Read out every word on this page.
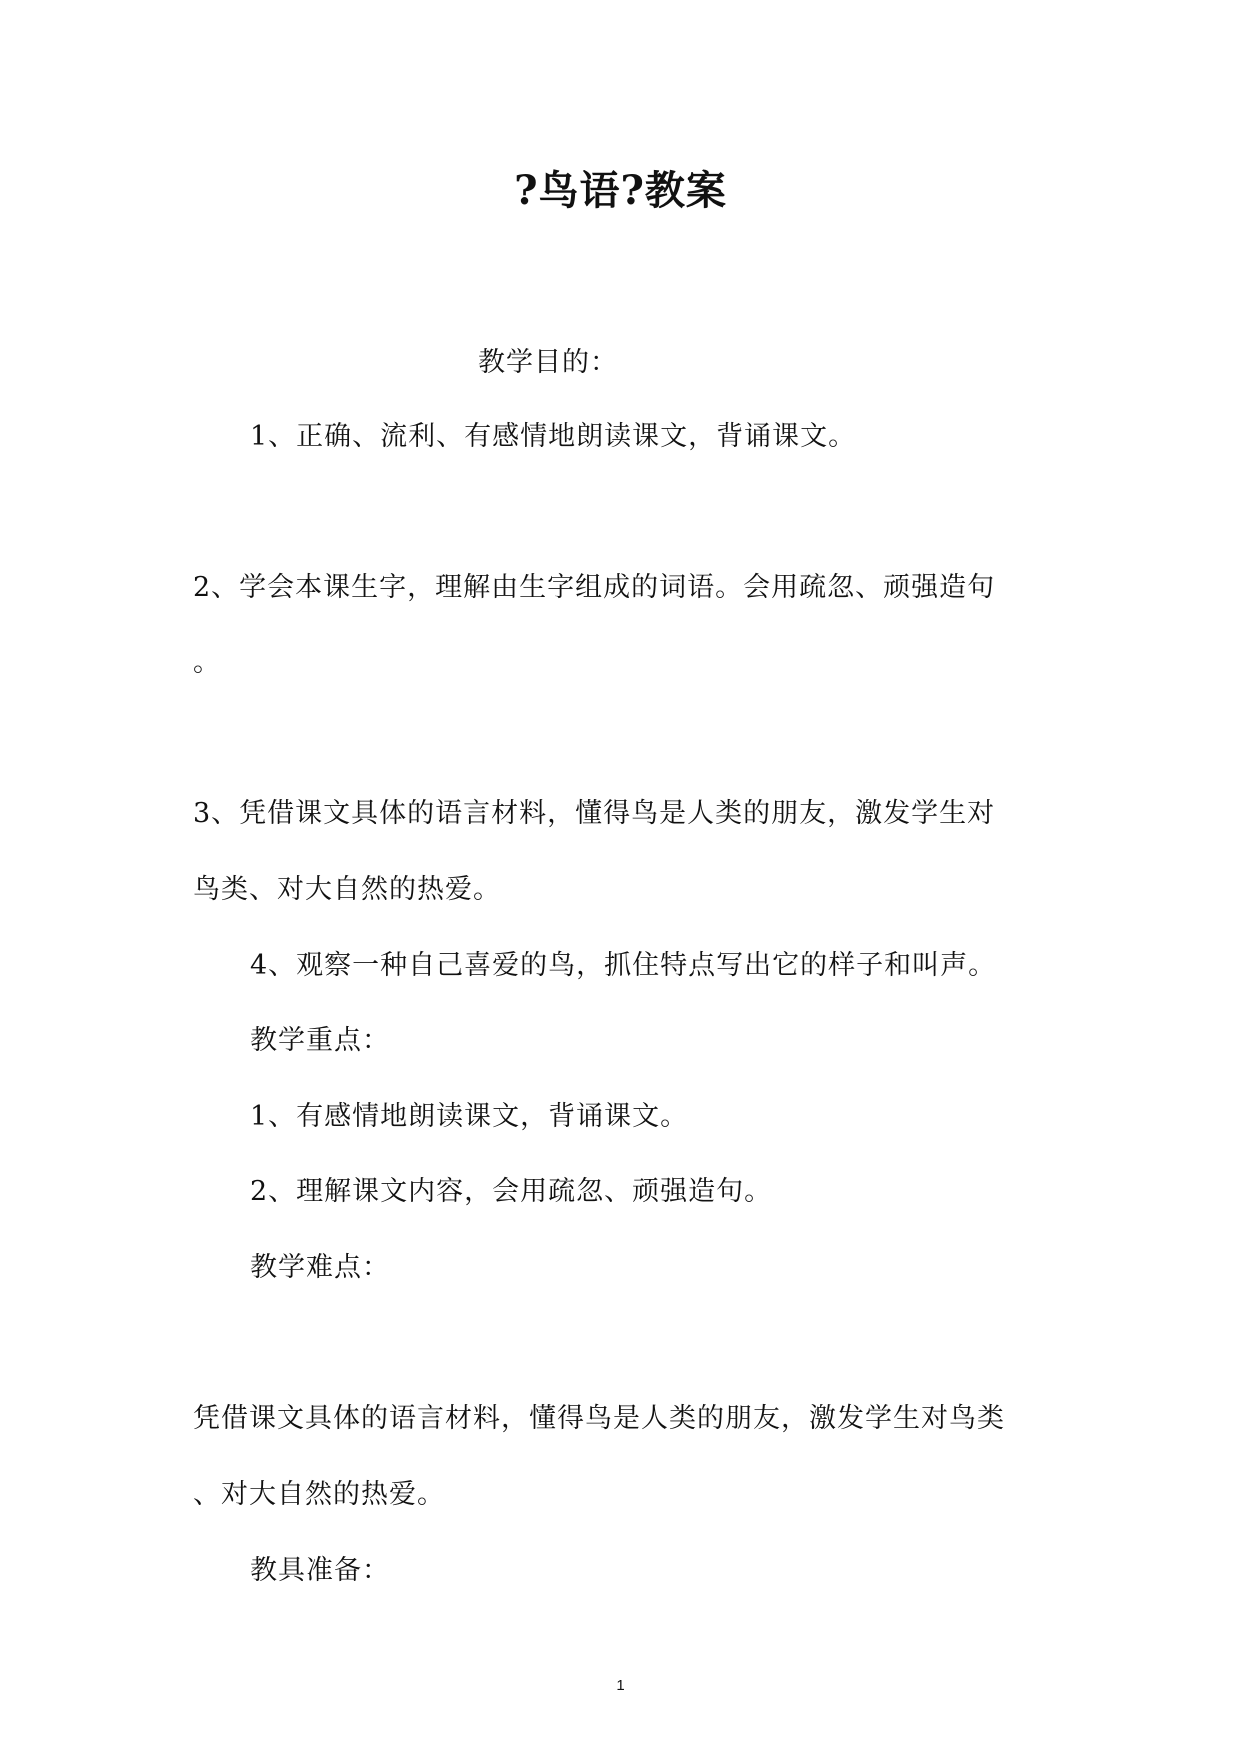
?鸟语?教案
教学目的：
1、正确、流利、有感情地朗读课文，背诵课文。
2、学会本课生字，理解由生字组成的词语。会用疏忽、顽强造句
。
3、凭借课文具体的语言材料，懂得鸟是人类的朋友，激发学生对
鸟类、对大自然的热爱。
4、观察一种自己喜爱的鸟，抓住特点写出它的样子和叫声。
教学重点：
1、有感情地朗读课文，背诵课文。
2、理解课文内容，会用疏忽、顽强造句。
教学难点：
凭借课文具体的语言材料，懂得鸟是人类的朋友，激发学生对鸟类
、对大自然的热爱。
教具准备：
1
